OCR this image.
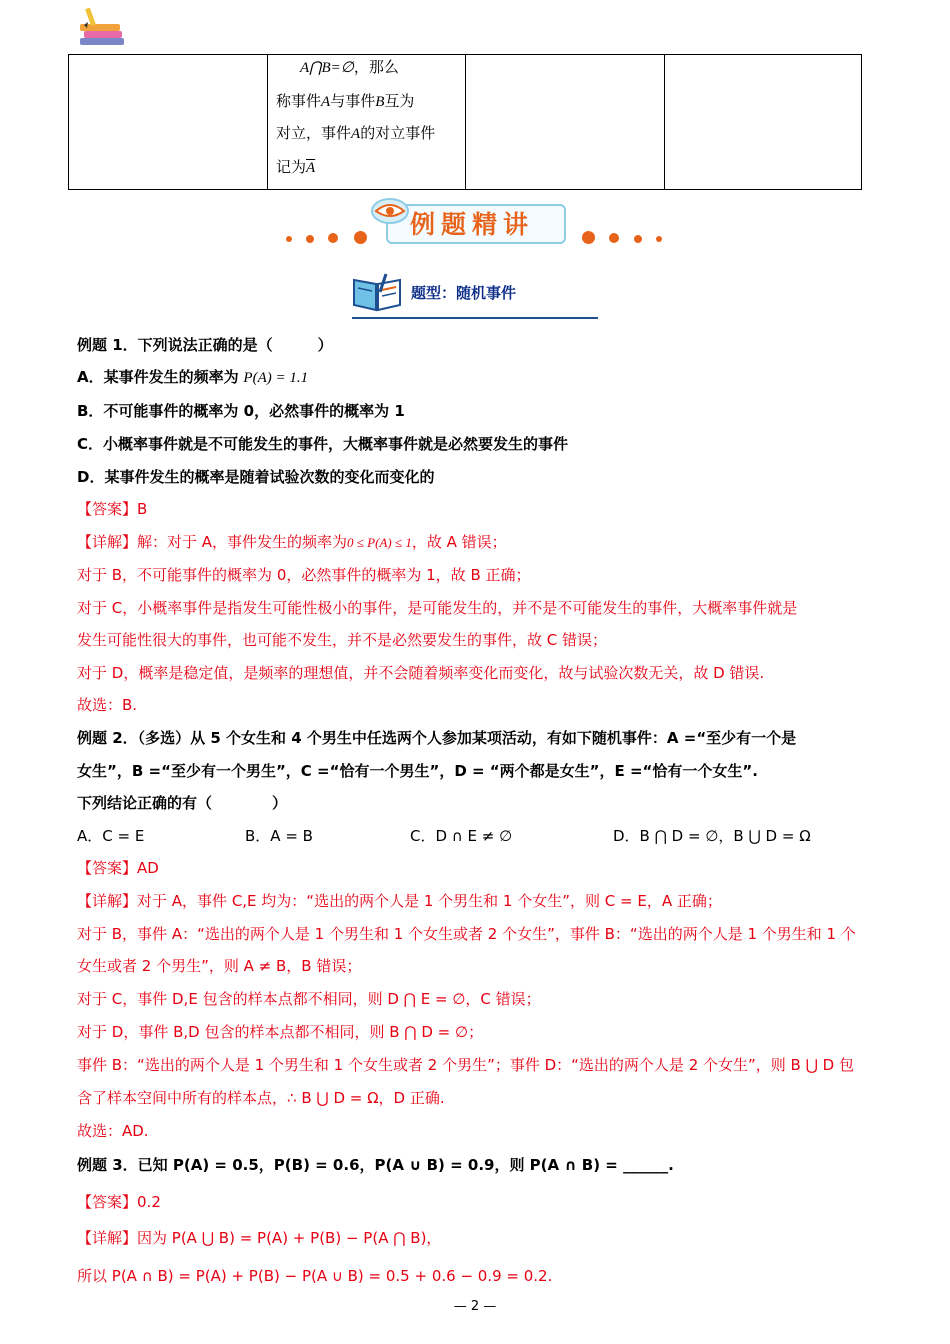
A⋂B=∅，那么
称事件A与事件B互为
对立，事件A的对立事件
记为$\overline{A}$
例题精讲
题型：随机事件
例题 1．下列说法正确的是（　　　）
A．某事件发生的频率为 P(A) = 1.1
B．不可能事件的概率为 0，必然事件的概率为 1
C．小概率事件就是不可能发生的事件，大概率事件就是必然要发生的事件
D．某事件发生的概率是随着试验次数的变化而变化的
【答案】B
【详解】解：对于 A，事件发生的频率为0 ≤ P(A) ≤ 1，故 A 错误；
对于 B，不可能事件的概率为 0，必然事件的概率为 1，故 B 正确；
对于 C，小概率事件是指发生可能性极小的事件，是可能发生的，并不是不可能发生的事件，大概率事件就是
发生可能性很大的事件，也可能不发生，并不是必然要发生的事件，故 C 错误；
对于 D，概率是稳定值，是频率的理想值，并不会随着频率变化而变化，故与试验次数无关，故 D 错误.
故选：B.
例题 2．（多选）从 5 个女生和 4 个男生中任选两个人参加某项活动，有如下随机事件：A =“至少有一个是
女生”，B =“至少有一个男生”，C =“恰有一个男生”，D = “两个都是女生”，E =“恰有一个女生”.
下列结论正确的有（　　　　）
A．C = E	B．A = B	C．D ∩ E ≠ ∅	D．B ⋂ D = ∅，B ⋃ D = Ω
【答案】AD
【详解】对于 A，事件 C,E 均为：“选出的两个人是 1 个男生和 1 个女生”，则 C = E，A 正确；
对于 B，事件 A：“选出的两个人是 1 个男生和 1 个女生或者 2 个女生”，事件 B：“选出的两个人是 1 个男生和 1 个
女生或者 2 个男生”，则 A ≠ B，B 错误；
对于 C，事件 D,E 包含的样本点都不相同，则 D ⋂ E = ∅，C 错误；
对于 D，事件 B,D 包含的样本点都不相同，则 B ⋂ D = ∅；
事件 B：“选出的两个人是 1 个男生和 1 个女生或者 2 个男生”；事件 D：“选出的两个人是 2 个女生”，则 B ⋃ D 包
含了样本空间中所有的样本点，∴ B ⋃ D = Ω，D 正确.
故选：AD.
例题 3．已知 P(A) = 0.5，P(B) = 0.6，P(A ∪ B) = 0.9，则 P(A ∩ B) = ______.
【答案】0.2
【详解】因为 P(A ⋃ B) = P(A) + P(B) − P(A ⋂ B)，
所以 P(A ∩ B) = P(A) + P(B) − P(A ∪ B) = 0.5 + 0.6 − 0.9 = 0.2.
— 2 —
